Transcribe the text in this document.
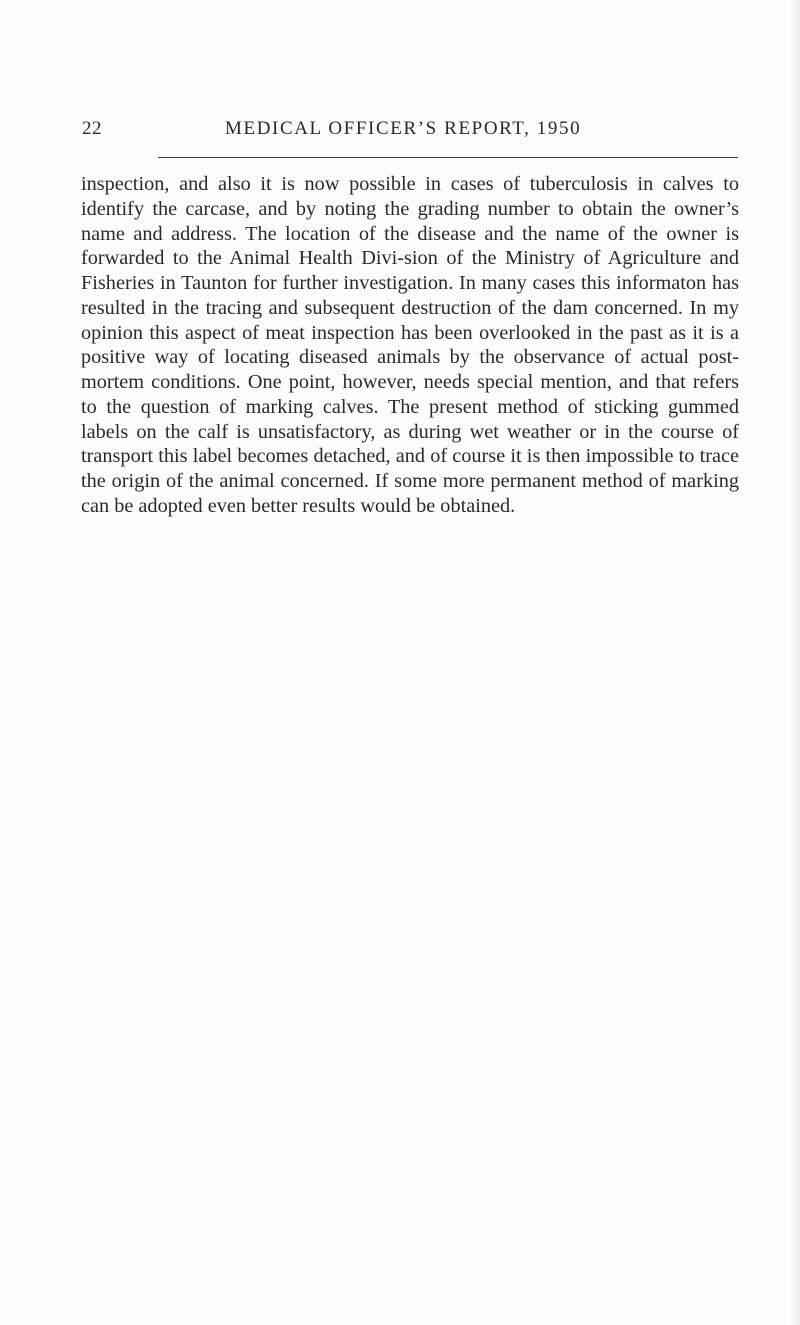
22	MEDICAL OFFICER’S REPORT, 1950

inspection, and also it is now possible in cases of tuberculosis in calves to identify the carcase, and by noting the grading number to obtain the owner’s name and address. The location of the disease and the name of the owner is forwarded to the Animal Health Divi-sion of the Ministry of Agriculture and Fisheries in Taunton for further investigation. In many cases this informaton has resulted in the tracing and subsequent destruction of the dam concerned. In my opinion this aspect of meat inspection has been overlooked in the past as it is a positive way of locating diseased animals by the observance of actual post-mortem conditions. One point, however, needs special mention, and that refers to the question of marking calves. The present method of sticking gummed labels on the calf is unsatisfactory, as during wet weather or in the course of transport this label becomes detached, and of course it is then impossible to trace the origin of the animal concerned. If some more permanent method of marking can be adopted even better results would be obtained.
